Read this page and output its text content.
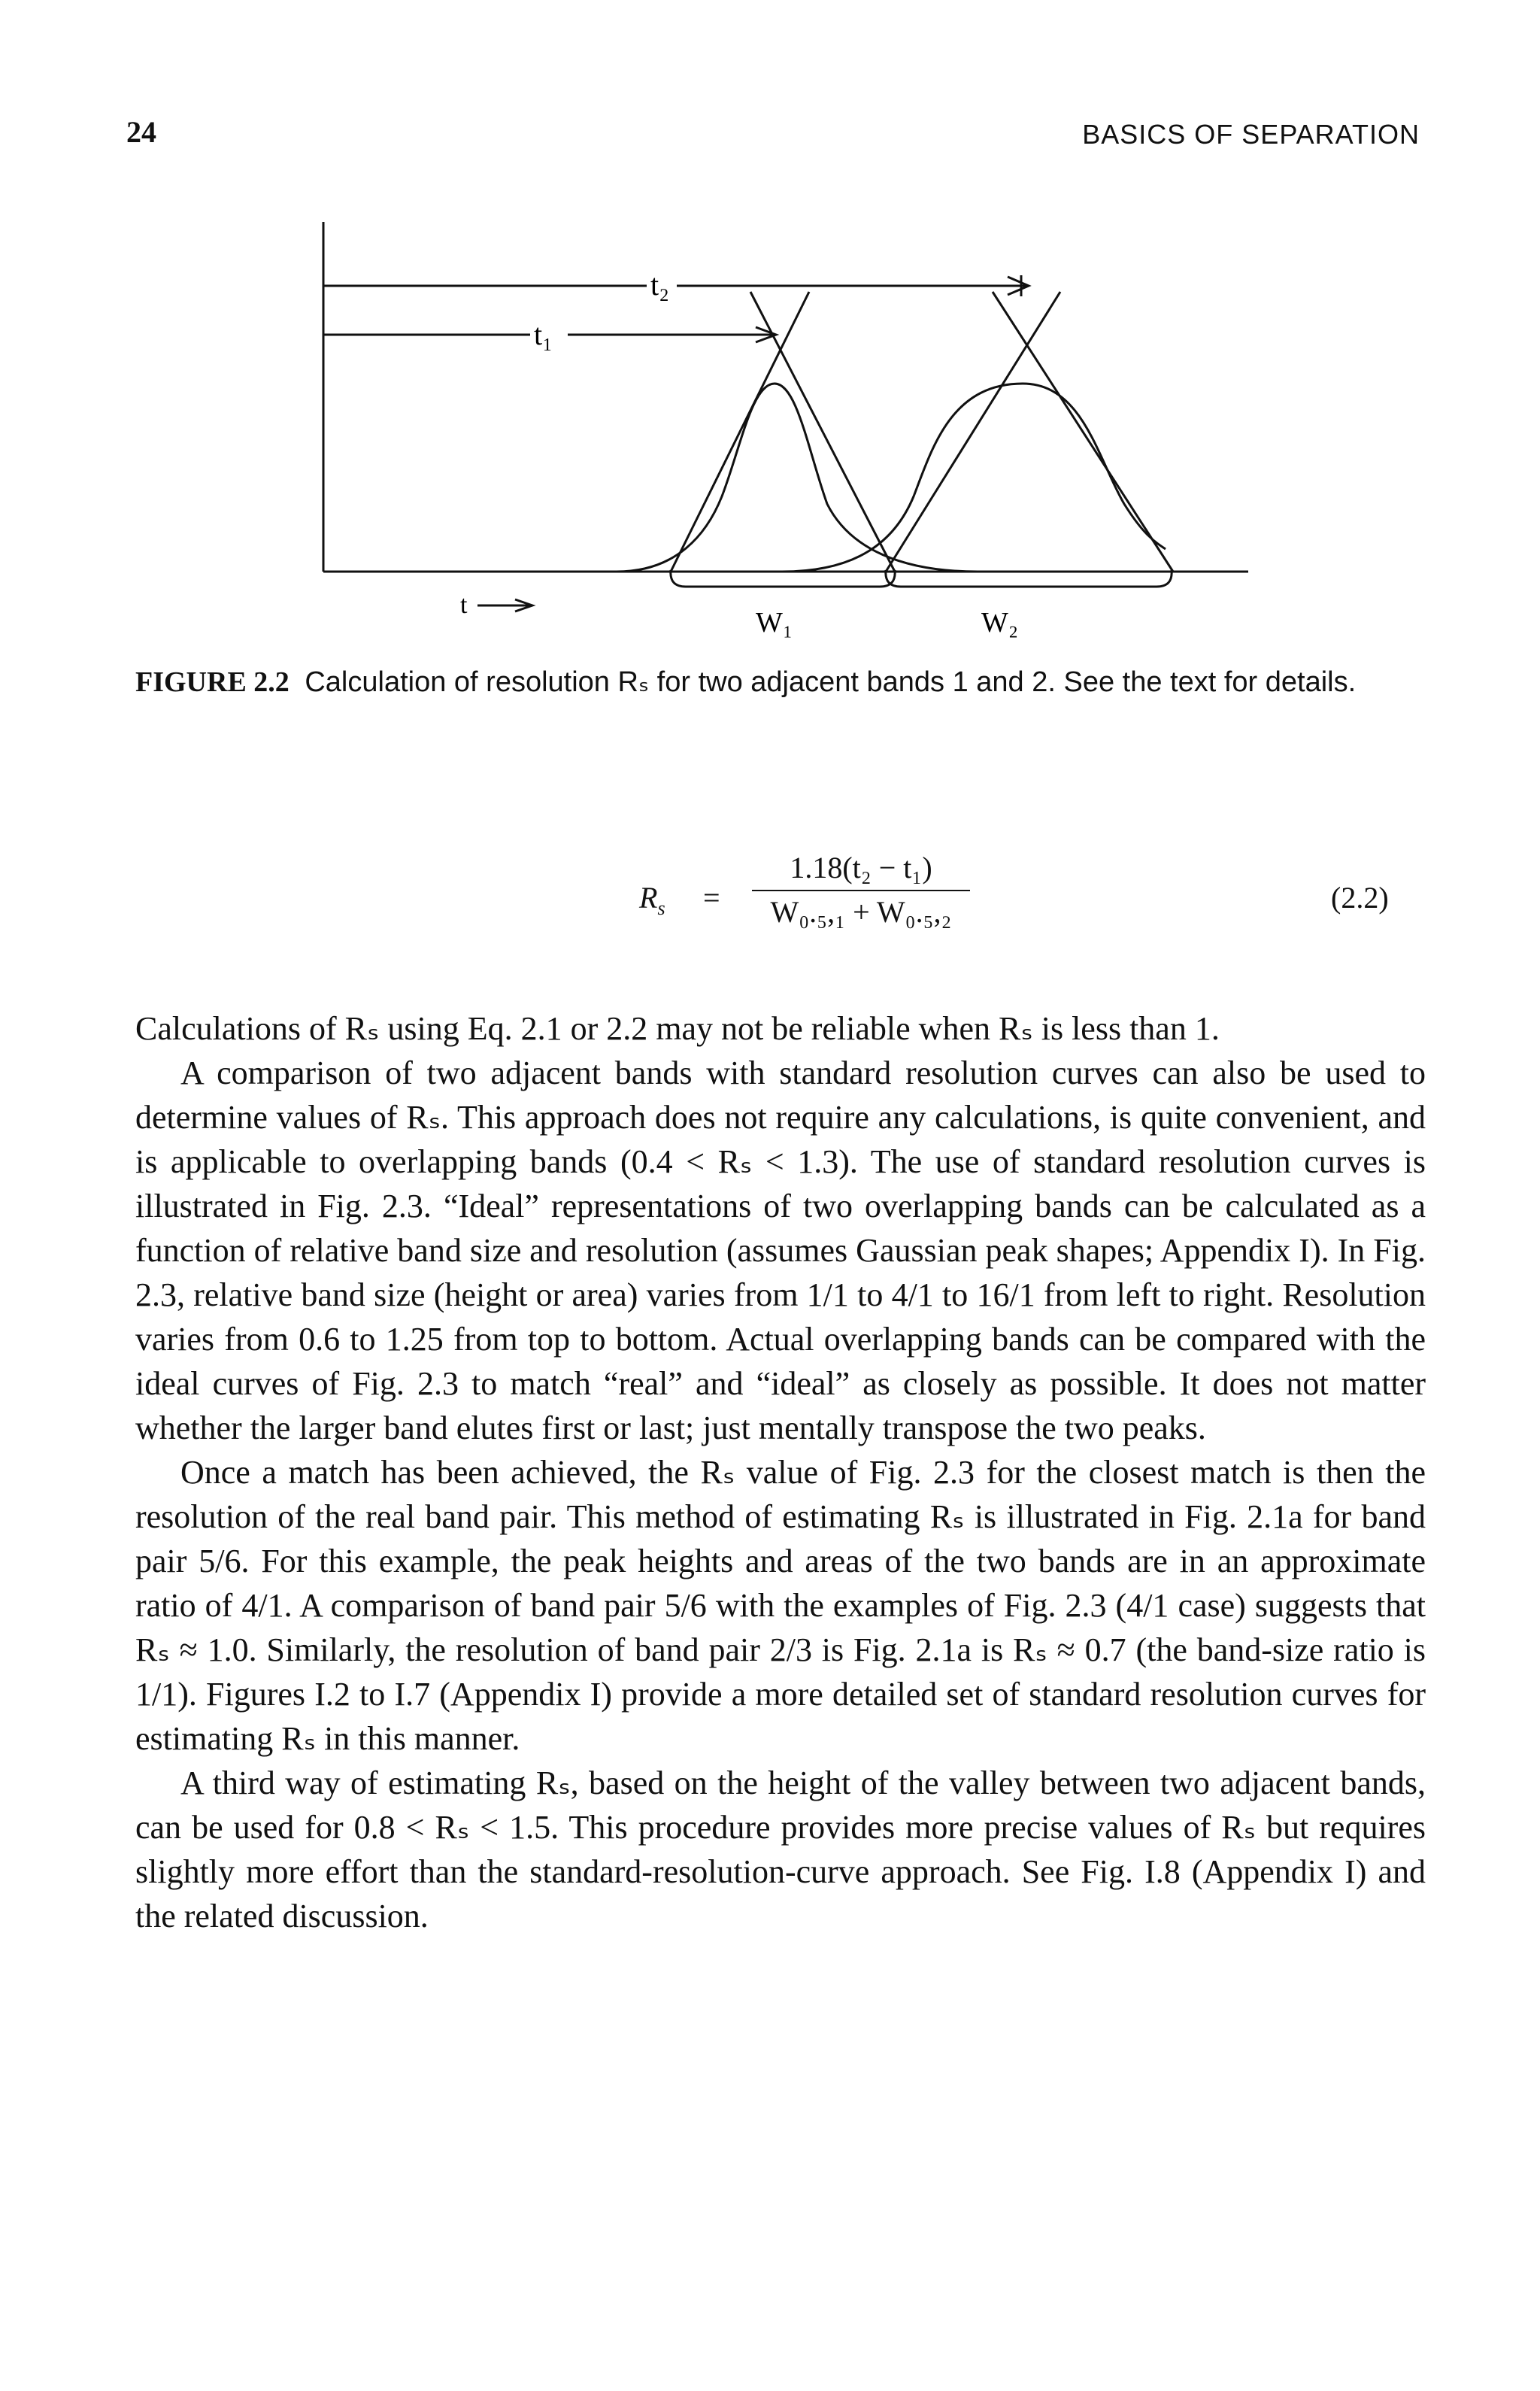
24	BASICS OF SEPARATION
t₂
t₁
t
W₁	W₂
FIGURE 2.2 Calculation of resolution Rₛ for two adjacent bands 1 and 2. See the text for details.
$R_s = \frac{\text{1.18(t₂ − t₁)}}{\text{W₀.₅,₁ + W₀.₅,₂}}$	(2.2)

Calculations of Rₛ using Eq. 2.1 or 2.2 may not be reliable when Rₛ is less than 1.

A comparison of two adjacent bands with standard resolution curves can also be used to determine values of Rₛ. This approach does not require any calculations, is quite convenient, and is applicable to overlapping bands (0.4 < Rₛ < 1.3). The use of standard resolution curves is illustrated in Fig. 2.3. “Ideal” representations of two overlapping bands can be calculated as a function of relative band size and resolution (assumes Gaussian peak shapes; Appendix I). In Fig. 2.3, relative band size (height or area) varies from 1/1 to 4/1 to 16/1 from left to right. Resolution varies from 0.6 to 1.25 from top to bottom. Actual overlapping bands can be compared with the ideal curves of Fig. 2.3 to match “real” and “ideal” as closely as possible. It does not matter whether the larger band elutes first or last; just mentally transpose the two peaks.

Once a match has been achieved, the Rₛ value of Fig. 2.3 for the closest match is then the resolution of the real band pair. This method of estimating Rₛ is illustrated in Fig. 2.1a for band pair 5/6. For this example, the peak heights and areas of the two bands are in an approximate ratio of 4/1. A comparison of band pair 5/6 with the examples of Fig. 2.3 (4/1 case) suggests that Rₛ ≈ 1.0. Similarly, the resolution of band pair 2/3 is Fig. 2.1a is Rₛ ≈ 0.7 (the band-size ratio is 1/1). Figures I.2 to I.7 (Appendix I) provide a more detailed set of standard resolution curves for estimating Rₛ in this manner.

A third way of estimating Rₛ, based on the height of the valley between two adjacent bands, can be used for 0.8 < Rₛ < 1.5. This procedure provides more precise values of Rₛ but requires slightly more effort than the standard-resolution-curve approach. See Fig. I.8 (Appendix I) and the related discussion.
